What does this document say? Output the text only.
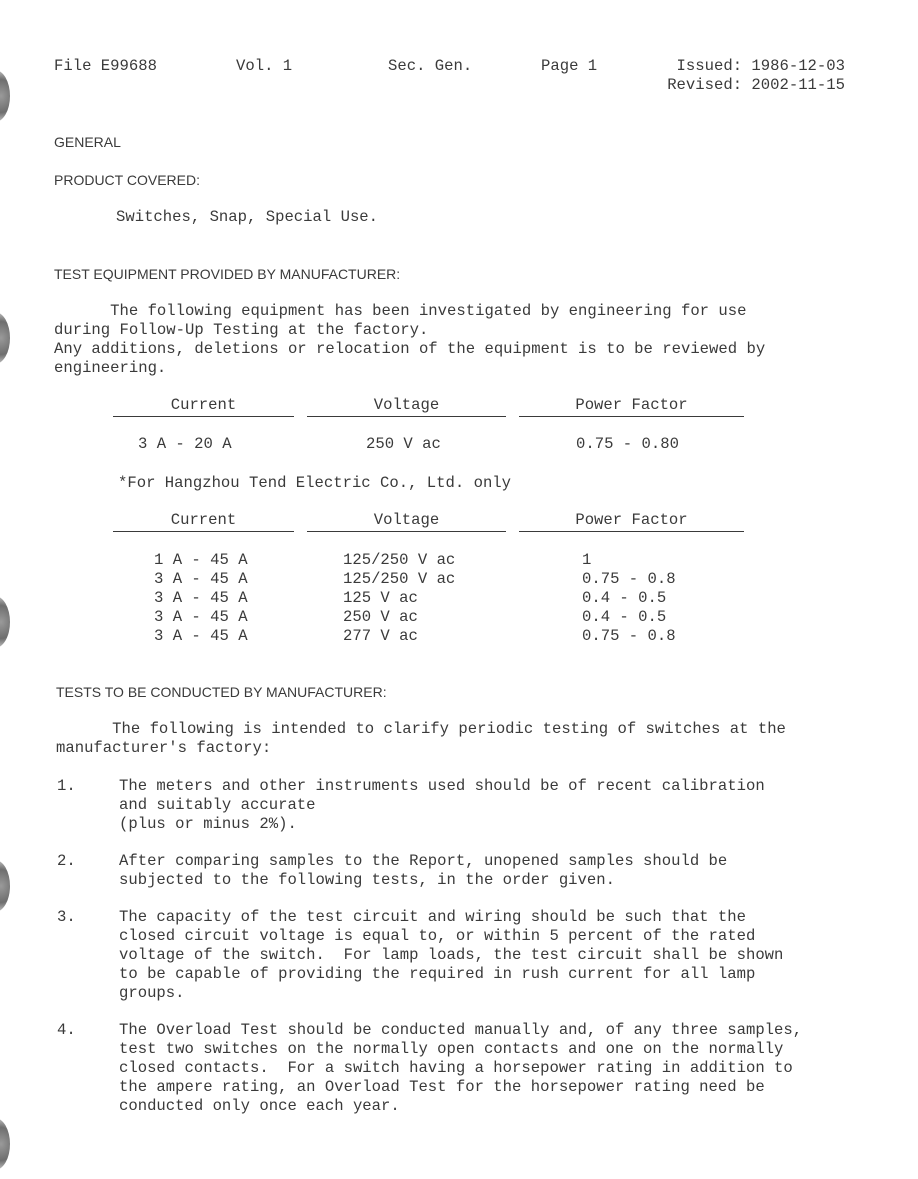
File E99688	Vol. 1	Sec. Gen.	Page 1	Issued: 1986-12-03
Revised: 2002-11-15
GENERAL
PRODUCT COVERED:
Switches, Snap, Special Use.
TEST EQUIPMENT PROVIDED BY MANUFACTURER:
The following equipment has been investigated by engineering for use
during Follow-Up Testing at the factory.
Any additions, deletions or relocation of the equipment is to be reviewed by
engineering.
Current	Voltage	Power Factor
3 A - 20 A	250 V ac	0.75 - 0.80
*For Hangzhou Tend Electric Co., Ltd. only
Current	Voltage	Power Factor
1 A - 45 A	125/250 V ac	1
3 A - 45 A	125/250 V ac	0.75 - 0.8
3 A - 45 A	125 V ac	0.4 - 0.5
3 A - 45 A	250 V ac	0.4 - 0.5
3 A - 45 A	277 V ac	0.75 - 0.8
TESTS TO BE CONDUCTED BY MANUFACTURER:
The following is intended to clarify periodic testing of switches at the
manufacturer's factory:
1.	The meters and other instruments used should be of recent calibration
and suitably accurate
(plus or minus 2%).
2.	After comparing samples to the Report, unopened samples should be
subjected to the following tests, in the order given.
3.	The capacity of the test circuit and wiring should be such that the
closed circuit voltage is equal to, or within 5 percent of the rated
voltage of the switch.  For lamp loads, the test circuit shall be shown
to be capable of providing the required in rush current for all lamp
groups.
4.	The Overload Test should be conducted manually and, of any three samples,
test two switches on the normally open contacts and one on the normally
closed contacts.  For a switch having a horsepower rating in addition to
the ampere rating, an Overload Test for the horsepower rating need be
conducted only once each year.
